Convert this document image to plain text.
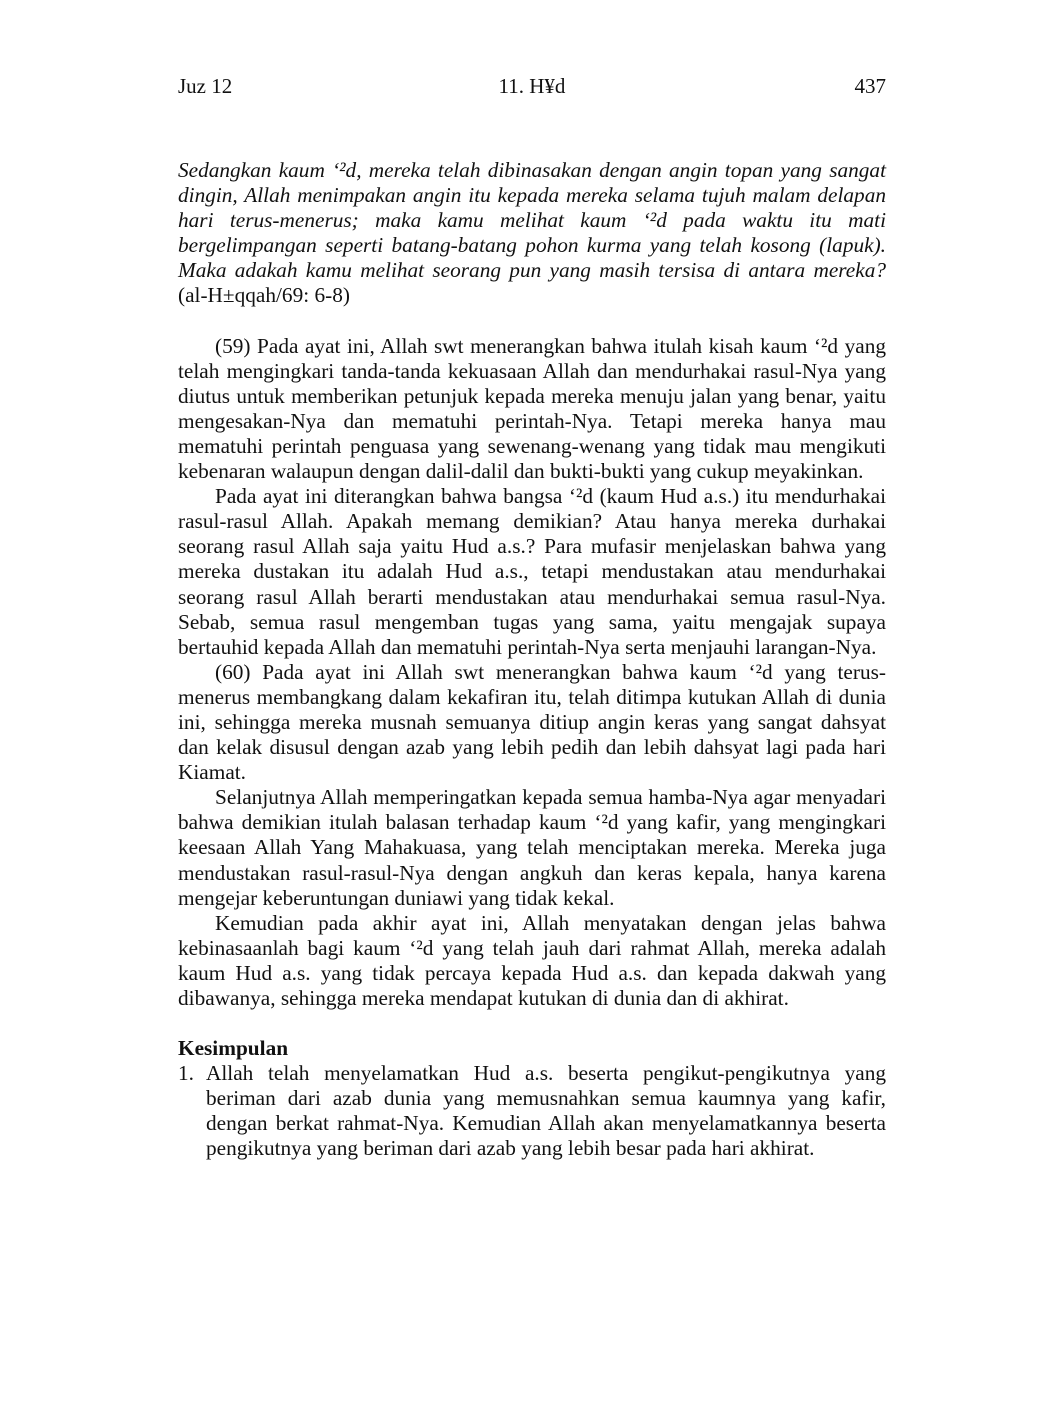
Juz 12	11. H¥d	437

Sedangkan kaum ‘²d, mereka telah dibinasakan dengan angin topan yang sangat dingin, Allah menimpakan angin itu kepada mereka selama tujuh malam delapan hari terus-menerus; maka kamu melihat kaum ‘²d pada waktu itu mati bergelimpangan seperti batang-batang pohon kurma yang telah kosong (lapuk). Maka adakah kamu melihat seorang pun yang masih tersisa di antara mereka? (al-H±qqah/69: 6-8)

(59) Pada ayat ini, Allah swt menerangkan bahwa itulah kisah kaum ‘²d yang telah mengingkari tanda-tanda kekuasaan Allah dan mendurhakai rasul-Nya yang diutus untuk memberikan petunjuk kepada mereka menuju jalan yang benar, yaitu mengesakan-Nya dan mematuhi perintah-Nya. Tetapi mereka hanya mau mematuhi perintah penguasa yang sewenang-wenang yang tidak mau mengikuti kebenaran walaupun dengan dalil-dalil dan bukti-bukti yang cukup meyakinkan.

Pada ayat ini diterangkan bahwa bangsa ‘²d (kaum Hud a.s.) itu mendurhakai rasul-rasul Allah. Apakah memang demikian? Atau hanya mereka durhakai seorang rasul Allah saja yaitu Hud a.s.? Para mufasir menjelaskan bahwa yang mereka dustakan itu adalah Hud a.s., tetapi mendustakan atau mendurhakai seorang rasul Allah berarti mendustakan atau mendurhakai semua rasul-Nya. Sebab, semua rasul mengemban tugas yang sama, yaitu mengajak supaya bertauhid kepada Allah dan mematuhi perintah-Nya serta menjauhi larangan-Nya.

(60) Pada ayat ini Allah swt menerangkan bahwa kaum ‘²d yang terus-menerus membangkang dalam kekafiran itu, telah ditimpa kutukan Allah di dunia ini, sehingga mereka musnah semuanya ditiup angin keras yang sangat dahsyat dan kelak disusul dengan azab yang lebih pedih dan lebih dahsyat lagi pada hari Kiamat.

Selanjutnya Allah memperingatkan kepada semua hamba-Nya agar menyadari bahwa demikian itulah balasan terhadap kaum ‘²d yang kafir, yang mengingkari keesaan Allah Yang Mahakuasa, yang telah menciptakan mereka. Mereka juga mendustakan rasul-rasul-Nya dengan angkuh dan keras kepala, hanya karena mengejar keberuntungan duniawi yang tidak kekal.

Kemudian pada akhir ayat ini, Allah menyatakan dengan jelas bahwa kebinasaanlah bagi kaum ‘²d yang telah jauh dari rahmat Allah, mereka adalah kaum Hud a.s. yang tidak percaya kepada Hud a.s. dan kepada dakwah yang dibawanya, sehingga mereka mendapat kutukan di dunia dan di akhirat.

Kesimpulan

1. Allah telah menyelamatkan Hud a.s. beserta pengikut-pengikutnya yang beriman dari azab dunia yang memusnahkan semua kaumnya yang kafir, dengan berkat rahmat-Nya. Kemudian Allah akan menyelamatkannya beserta pengikutnya yang beriman dari azab yang lebih besar pada hari akhirat.
